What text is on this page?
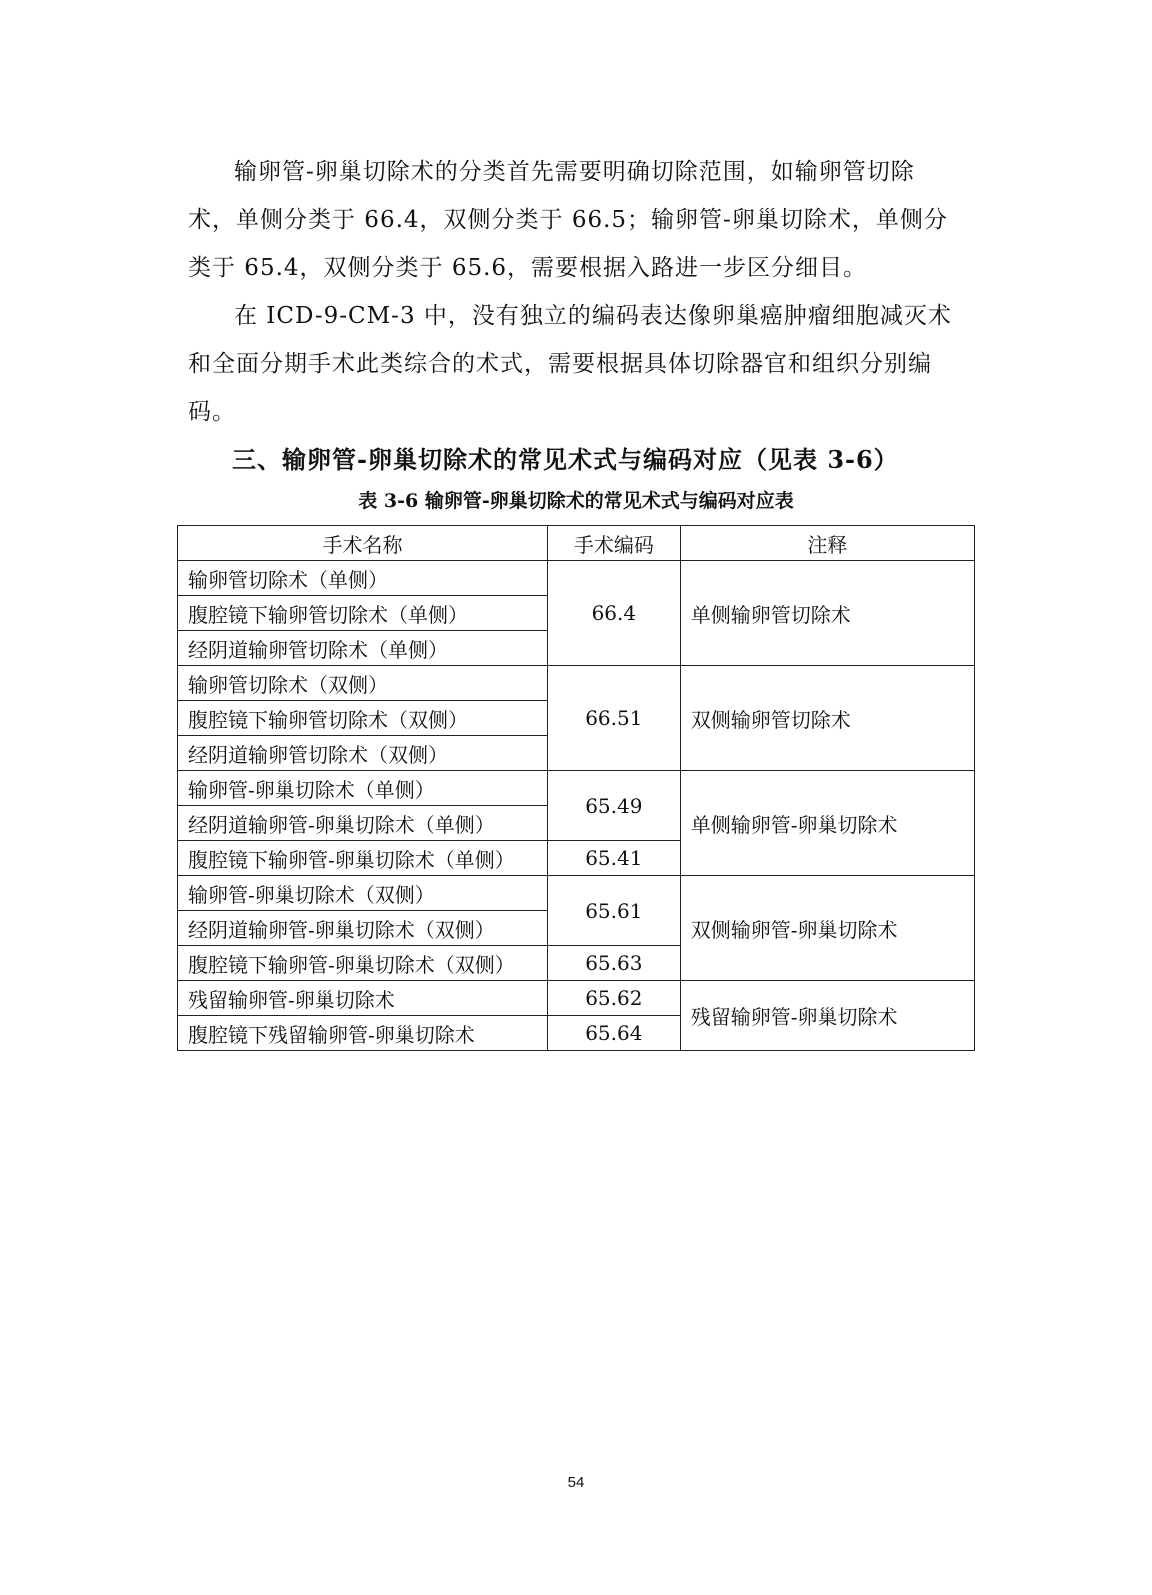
输卵管-卵巢切除术的分类首先需要明确切除范围，如输卵管切除术，单侧分类于 66.4，双侧分类于 66.5；输卵管-卵巢切除术，单侧分类于 65.4，双侧分类于 65.6，需要根据入路进一步区分细目。

在 ICD-9-CM-3 中，没有独立的编码表达像卵巢癌肿瘤细胞减灭术和全面分期手术此类综合的术式，需要根据具体切除器官和组织分别编码。

三、输卵管-卵巢切除术的常见术式与编码对应（见表 3-6）

表 3-6 输卵管-卵巢切除术的常见术式与编码对应表

手术名称	手术编码	注释
输卵管切除术（单侧）	66.4	单侧输卵管切除术
腹腔镜下输卵管切除术（单侧）		
经阴道输卵管切除术（单侧）		
输卵管切除术（双侧）	66.51	双侧输卵管切除术
腹腔镜下输卵管切除术（双侧）		
经阴道输卵管切除术（双侧）		
输卵管-卵巢切除术（单侧）	65.49	单侧输卵管-卵巢切除术
经阴道输卵管-卵巢切除术（单侧）		
腹腔镜下输卵管-卵巢切除术（单侧）	65.41	
输卵管-卵巢切除术（双侧）	65.61	双侧输卵管-卵巢切除术
经阴道输卵管-卵巢切除术（双侧）		
腹腔镜下输卵管-卵巢切除术（双侧）	65.63	
残留输卵管-卵巢切除术	65.62	残留输卵管-卵巢切除术
腹腔镜下残留输卵管-卵巢切除术	65.64	
54
